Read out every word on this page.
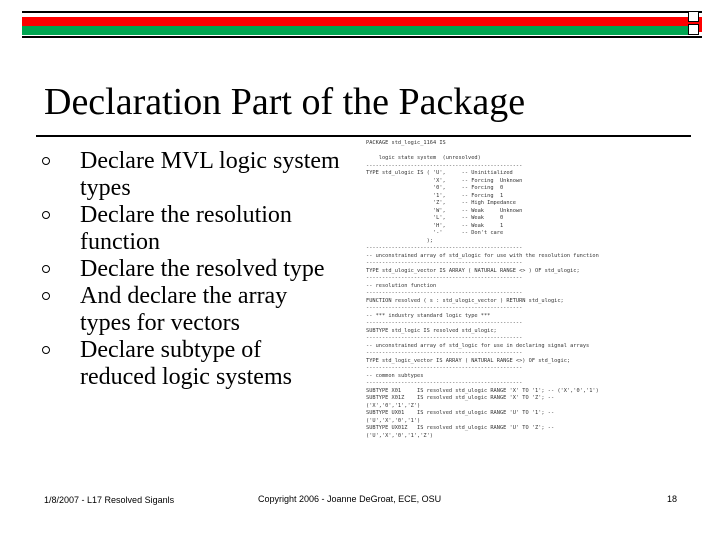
Declaration Part of the Package
Declare MVL logic system types
Declare the resolution function
Declare the resolved type
And declare the array types for vectors
Declare subtype of reduced logic systems
PACKAGE std_logic_1164 IS

logic state system  (unresolved)
-------------------------------------------------
TYPE std_ulogic IS ( 'U',     -- Uninitialized
'X',     -- Forcing  Unknown
'0',     -- Forcing  0
'1',     -- Forcing  1
'Z',     -- High Impedance
'W',     -- Weak     Unknown
'L',     -- Weak     0
'H',     -- Weak     1
'-'      -- Don't care
);
-------------------------------------------------
-- unconstrained array of std_ulogic for use with the resolution function
-------------------------------------------------
TYPE std_ulogic_vector IS ARRAY ( NATURAL RANGE <> ) OF std_ulogic;
-------------------------------------------------
-- resolution function
-------------------------------------------------
FUNCTION resolved ( s : std_ulogic_vector ) RETURN std_ulogic;
-------------------------------------------------
-- *** industry standard logic type ***
-------------------------------------------------
SUBTYPE std_logic IS resolved std_ulogic;
-------------------------------------------------
-- unconstrained array of std_logic for use in declaring signal arrays
-------------------------------------------------
TYPE std_logic_vector IS ARRAY ( NATURAL RANGE <>) OF std_logic;
-------------------------------------------------
-- common subtypes
-------------------------------------------------
SUBTYPE X01     IS resolved std_ulogic RANGE 'X' TO '1'; -- ('X','0','1')
SUBTYPE X01Z    IS resolved std_ulogic RANGE 'X' TO 'Z'; --
('X','0','1','Z')
SUBTYPE UX01    IS resolved std_ulogic RANGE 'U' TO '1'; --
('U','X','0','1')
SUBTYPE UX01Z   IS resolved std_ulogic RANGE 'U' TO 'Z'; --
('U','X','0','1','Z')
1/8/2007 - L17 Resolved Siganls	Copyright 2006 - Joanne DeGroat, ECE, OSU	18
